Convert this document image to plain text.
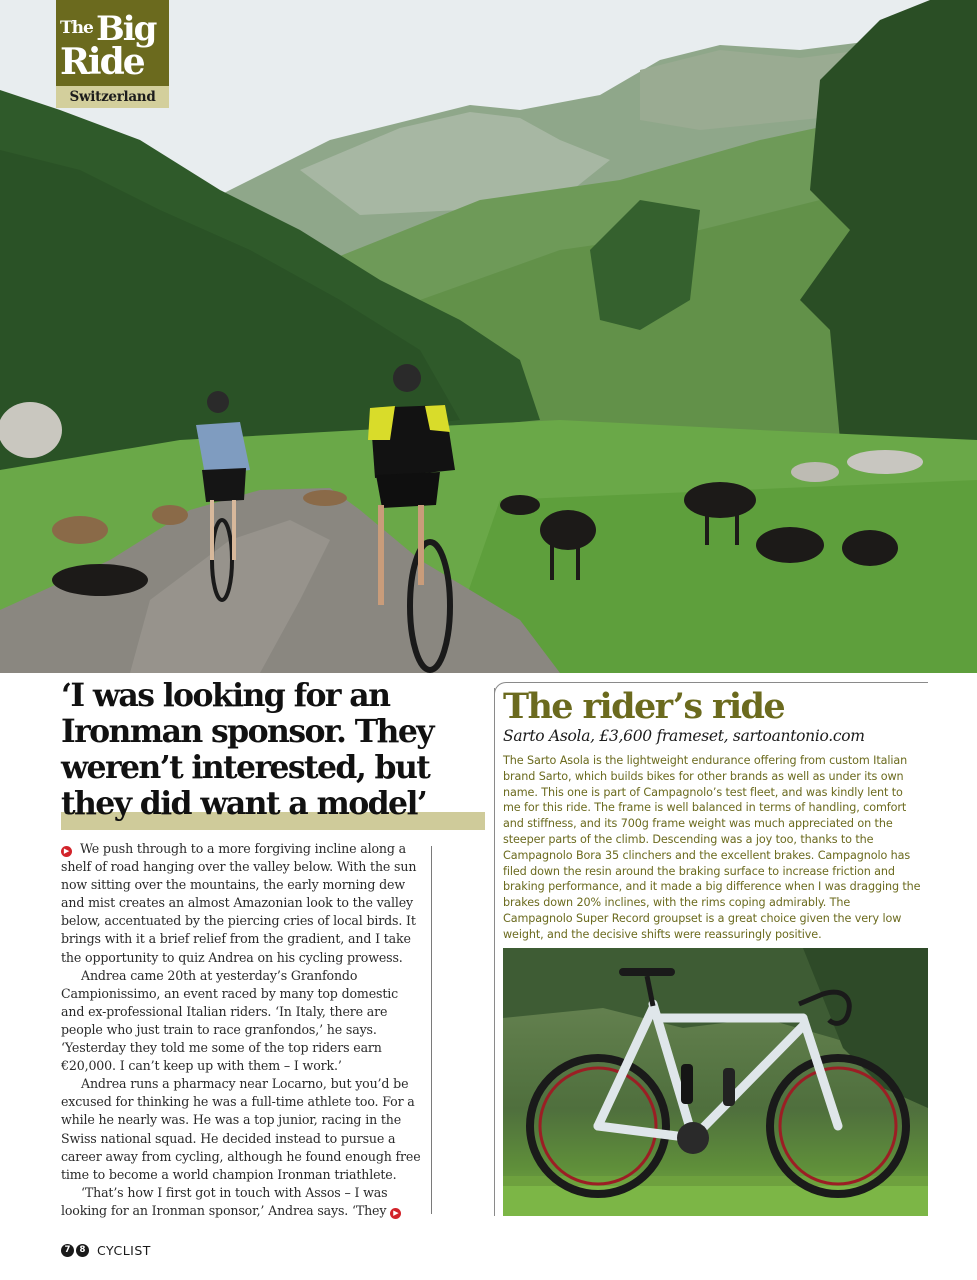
The Big
Ride
Switzerland
‘I was looking for an
Ironman sponsor. They
weren’t interested, but
they did want a model’

▶ We push through to a more forgiving incline along a shelf of road hanging over the valley below. With the sun now sitting over the mountains, the early morning dew and mist creates an almost Amazonian look to the valley below, accentuated by the piercing cries of local birds. It brings with it a brief relief from the gradient, and I take the opportunity to quiz Andrea on his cycling prowess.

Andrea came 20th at yesterday’s Granfondo Campionissimo, an event raced by many top domestic and ex-professional Italian riders. ‘In Italy, there are people who just train to race granfondos,’ he says. ‘Yesterday they told me some of the top riders earn €20,000. I can’t keep up with them – I work.’

Andrea runs a pharmacy near Locarno, but you’d be excused for thinking he was a full-time athlete too. For a while he nearly was. He was a top junior, racing in the Swiss national squad. He decided instead to pursue a career away from cycling, although he found enough free time to become a world champion Ironman triathlete.

‘That’s how I first got in touch with Assos – I was looking for an Ironman sponsor,’ Andrea says. ‘They ▶

The rider’s ride
Sarto Asola, £3,600 frameset, sartoantonio.com

The Sarto Asola is the lightweight endurance offering from custom Italian brand Sarto, which builds bikes for other brands as well as under its own name. This one is part of Campagnolo’s test fleet, and was kindly lent to me for this ride. The frame is well balanced in terms of handling, comfort and stiffness, and its 700g frame weight was much appreciated on the steeper parts of the climb. Descending was a joy too, thanks to the Campagnolo Bora 35 clinchers and the excellent brakes. Campagnolo has filed down the resin around the braking surface to increase friction and braking performance, and it made a big difference when I was dragging the brakes down 20% inclines, with the rims coping admirably. The Campagnolo Super Record groupset is a great choice given the very low weight, and the decisive shifts were reassuringly positive.

7	8 CYCLIST
